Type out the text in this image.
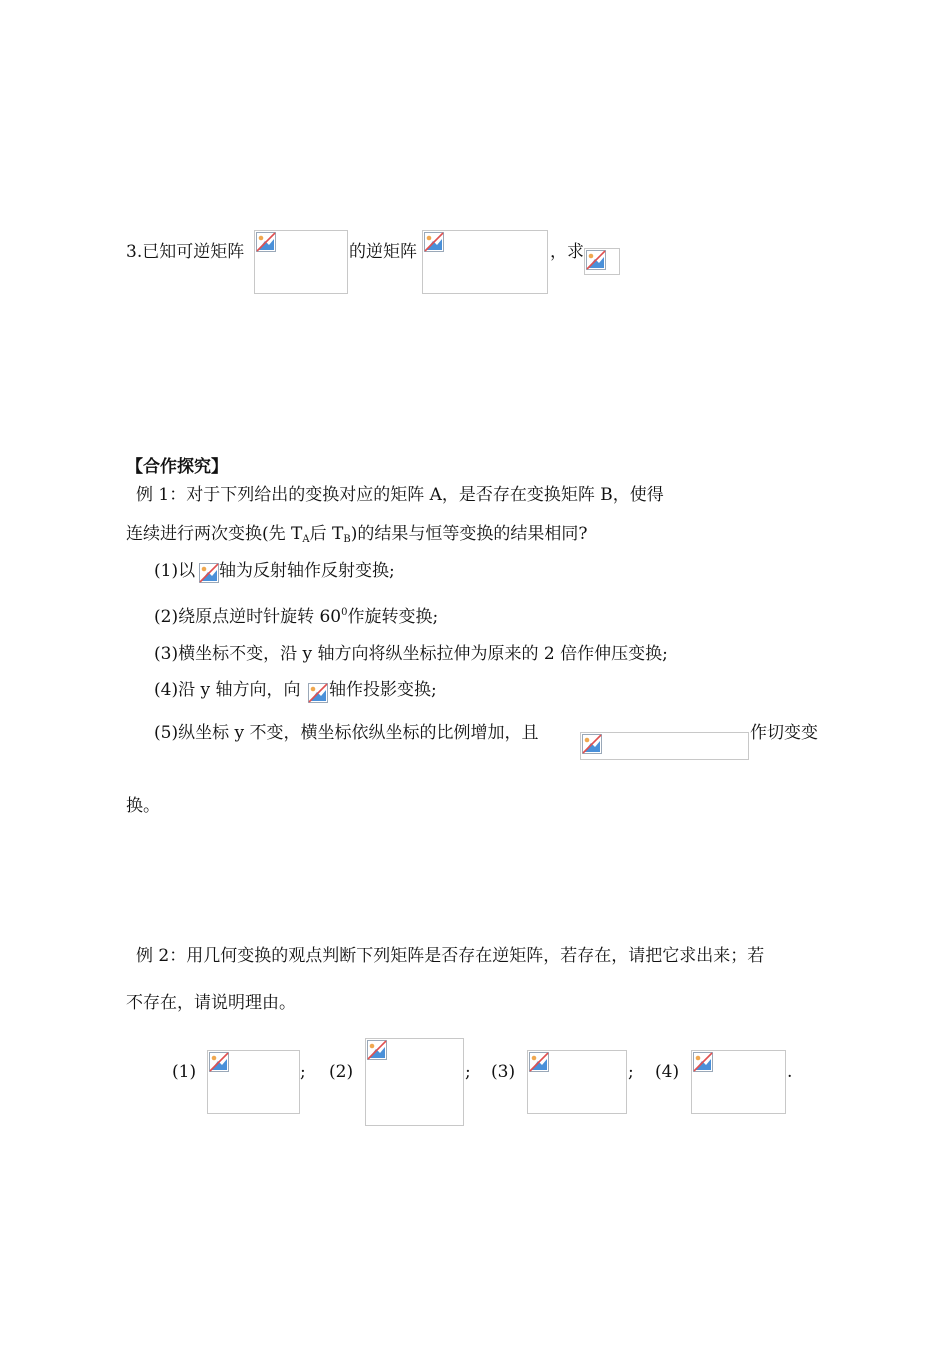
3.已知可逆矩阵	的逆矩阵	，求
【合作探究】
例 1：对于下列给出的变换对应的矩阵 A，是否存在变换矩阵 B，使得
连续进行两次变换(先 $T_A$后 $T_B$)的结果与恒等变换的结果相同?
(1)以 轴为反射轴作反射变换;
(2)绕原点逆时针旋转 $60^0$作旋转变换;
(3)横坐标不变，沿 y 轴方向将纵坐标拉伸为原来的 2 倍作伸压变换;
(4)沿 y 轴方向，向 轴作投影变换;
(5)纵坐标 y 不变，横坐标依纵坐标的比例增加，且	作切变变
换。
例 2：用几何变换的观点判断下列矩阵是否存在逆矩阵，若存在，请把它求出来；若
不存在，请说明理由。
(1)	; (2)	; (3)	; (4)	.
